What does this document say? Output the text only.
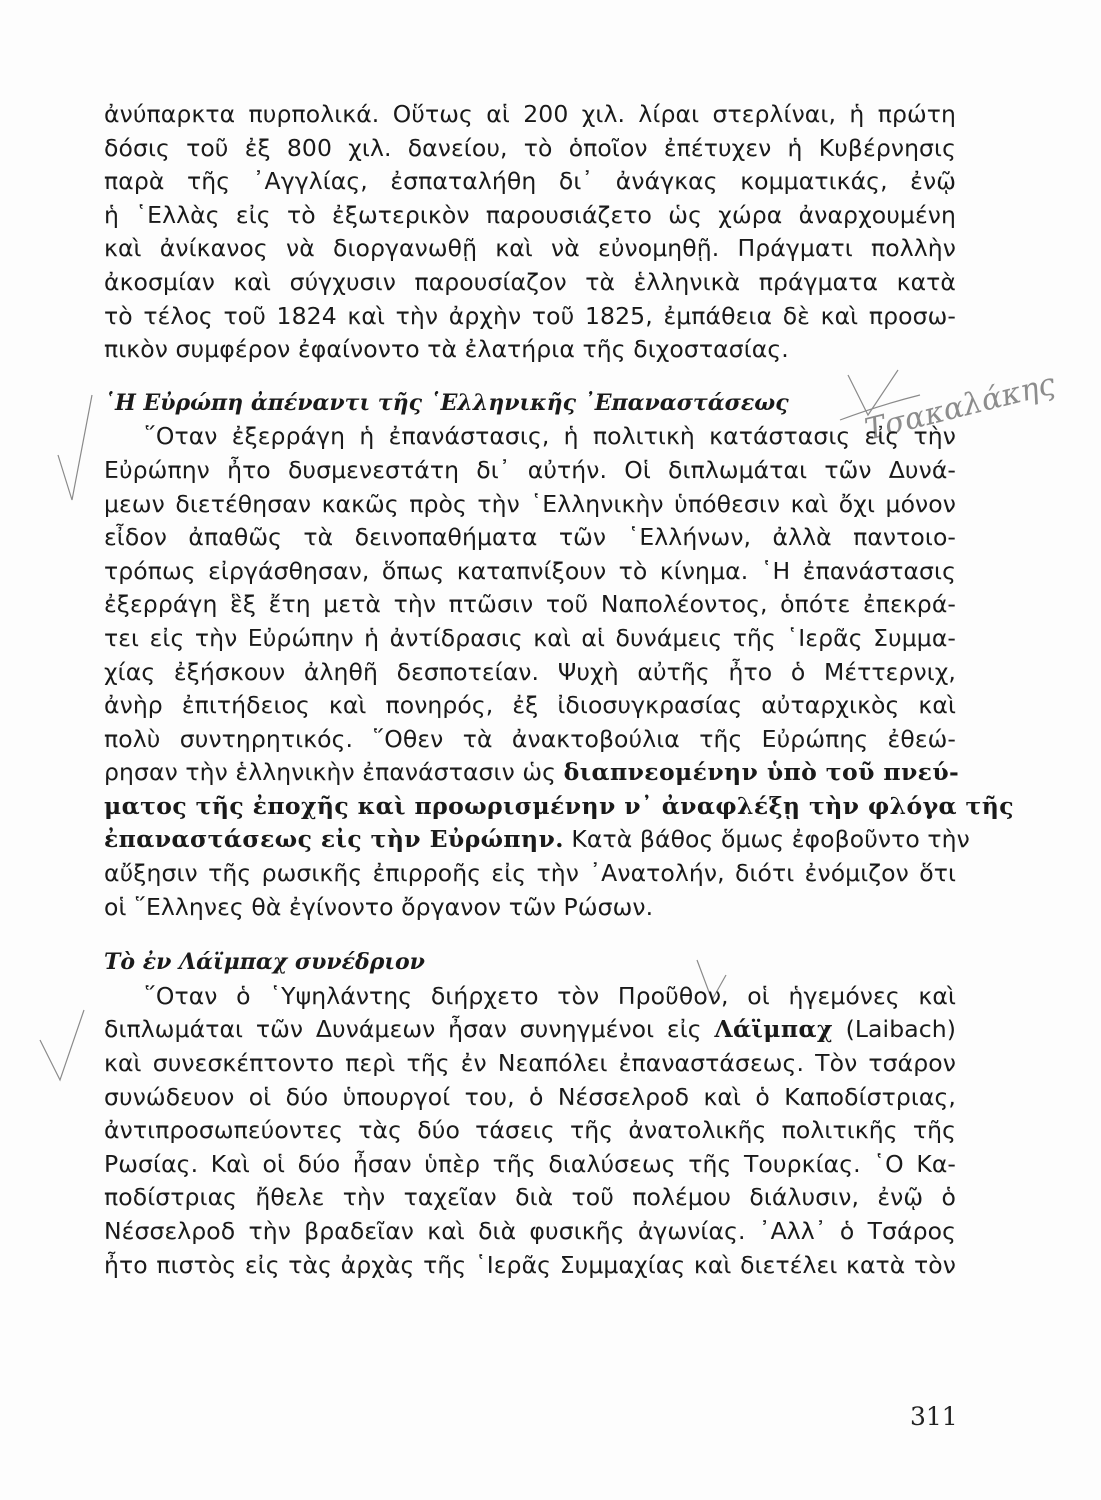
Τσακαλάκης
ἀνύπαρκτα πυρπολικά. Οὕτως αἱ 200 χιλ. λίραι στερλίναι, ἡ πρώτη
δόσις τοῦ ἐξ 800 χιλ. δανείου, τὸ ὁποῖον ἐπέτυχεν ἡ Κυβέρνησις
παρὰ τῆς ᾽Αγγλίας, ἐσπαταλήθη δι᾽ ἀνάγκας κομματικάς, ἐνῷ
ἡ ῾Ελλὰς εἰς τὸ ἐξωτερικὸν παρουσιάζετο ὡς χώρα ἀναρχουμένη
καὶ ἀνίκανος νὰ διοργανωθῇ καὶ νὰ εὐνομηθῇ. Πράγματι πολλὴν
ἀκοσμίαν καὶ σύγχυσιν παρουσίαζον τὰ ἑλληνικὰ πράγματα κατὰ
τὸ τέλος τοῦ 1824 καὶ τὴν ἀρχὴν τοῦ 1825, ἐμπάθεια δὲ καὶ προσω-
πικὸν συμφέρον ἐφαίνοντο τὰ ἐλατήρια τῆς διχοστασίας.
῾Η Εὐρώπη ἀπέναντι τῆς ῾Ελληνικῆς ᾽Επαναστάσεως
῞Οταν ἐξερράγη ἡ ἐπανάστασις, ἡ πολιτικὴ κατάστασις εἰς τὴν
Εὐρώπην ἦτο δυσμενεστάτη δι᾽ αὐτήν. Οἱ διπλωμάται τῶν Δυνά-
μεων διετέθησαν κακῶς πρὸς τὴν ῾Ελληνικὴν ὑπόθεσιν καὶ ὄχι μόνον
εἶδον ἀπαθῶς τὰ δεινοπαθήματα τῶν ῾Ελλήνων, ἀλλὰ παντοιο-
τρόπως εἰργάσθησαν, ὅπως καταπνίξουν τὸ κίνημα. ῾Η ἐπανάστασις
ἐξερράγη ἓξ ἔτη μετὰ τὴν πτῶσιν τοῦ Ναπολέοντος, ὁπότε ἐπεκρά-
τει εἰς τὴν Εὐρώπην ἡ ἀντίδρασις καὶ αἱ δυνάμεις τῆς ῾Ιερᾶς Συμμα-
χίας ἐξήσκουν ἀληθῆ δεσποτείαν. Ψυχὴ αὐτῆς ἦτο ὁ Μέττερνιχ,
ἀνὴρ ἐπιτήδειος καὶ πονηρός, ἐξ ἰδιοσυγκρασίας αὐταρχικὸς καὶ
πολὺ συντηρητικός. ῞Οθεν τὰ ἀνακτοβούλια τῆς Εὐρώπης ἐθεώ-
ρησαν τὴν ἑλληνικὴν ἐπανάστασιν ὡς διαπνεομένην ὑπὸ τοῦ πνεύ-
ματος τῆς ἐποχῆς καὶ προωρισμένην ν᾽ ἀναφλέξῃ τὴν φλόγα τῆς
ἐπαναστάσεως εἰς τὴν Εὐρώπην. Κατὰ βάθος ὅμως ἐφοβοῦντο τὴν
αὔξησιν τῆς ρωσικῆς ἐπιρροῆς εἰς τὴν ᾽Ανατολήν, διότι ἐνόμιζον ὅτι
οἱ ῞Ελληνες θὰ ἐγίνοντο ὄργανον τῶν Ρώσων.
Τὸ ἐν Λάϊμπαχ συνέδριον
῞Οταν ὁ ῾Υψηλάντης διήρχετο τὸν Προῦθον, οἱ ἡγεμόνες καὶ
διπλωμάται τῶν Δυνάμεων ἦσαν συνηγμένοι εἰς Λάϊμπαχ (Laibach)
καὶ συνεσκέπτοντο περὶ τῆς ἐν Νεαπόλει ἐπαναστάσεως. Τὸν τσάρον
συνώδευον οἱ δύο ὑπουργοί του, ὁ Νέσσελροδ καὶ ὁ Καποδίστριας,
ἀντιπροσωπεύοντες τὰς δύο τάσεις τῆς ἀνατολικῆς πολιτικῆς τῆς
Ρωσίας. Καὶ οἱ δύο ἦσαν ὑπὲρ τῆς διαλύσεως τῆς Τουρκίας. ῾Ο Κα-
ποδίστριας ἤθελε τὴν ταχεῖαν διὰ τοῦ πολέμου διάλυσιν, ἐνῷ ὁ
Νέσσελροδ τὴν βραδεῖαν καὶ διὰ φυσικῆς ἀγωνίας. ᾽Αλλ᾽ ὁ Τσάρος
ἦτο πιστὸς εἰς τὰς ἀρχὰς τῆς ῾Ιερᾶς Συμμαχίας καὶ διετέλει κατὰ τὸν
311
